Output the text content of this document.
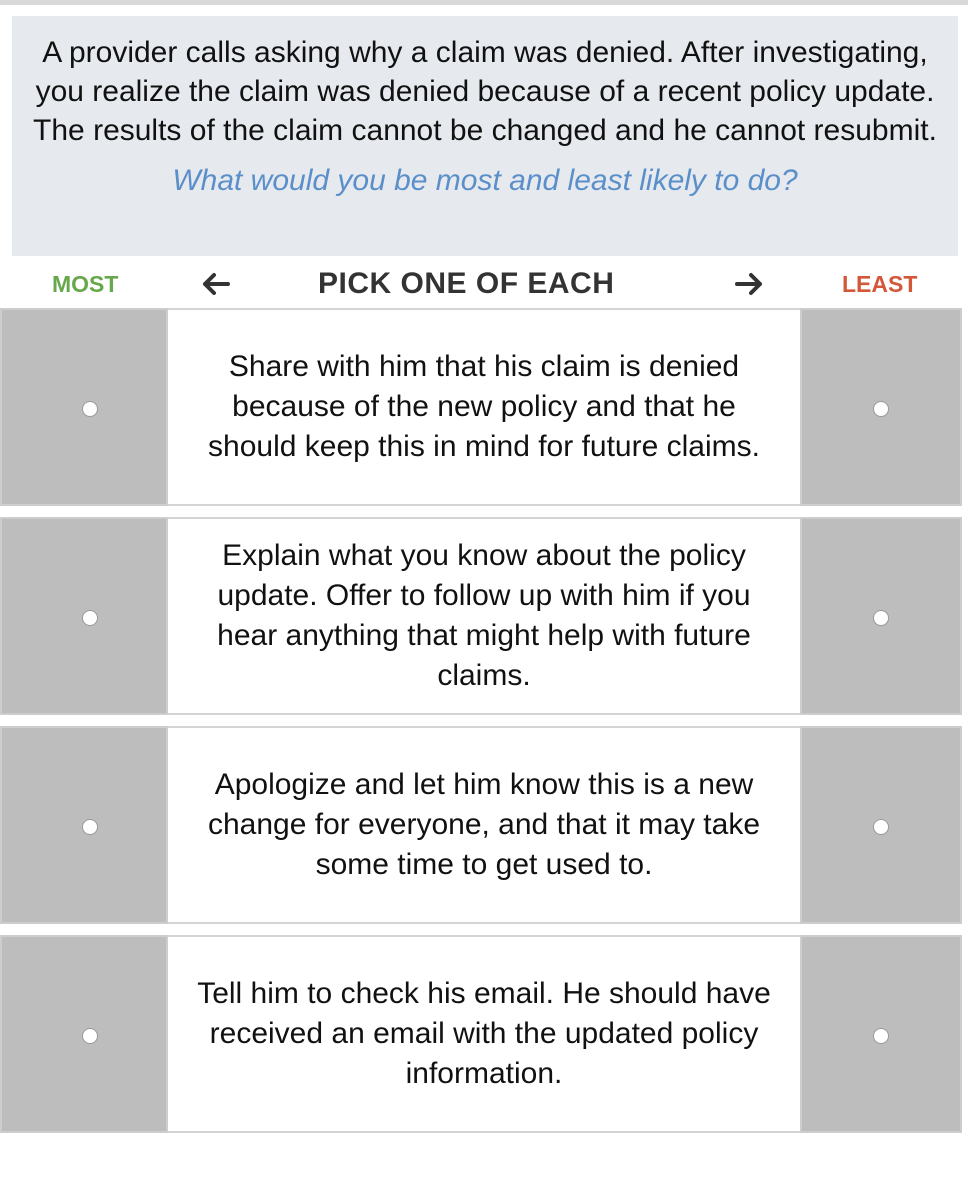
A provider calls asking why a claim was denied. After investigating, you realize the claim was denied because of a recent policy update. The results of the claim cannot be changed and he cannot resubmit.
What would you be most and least likely to do?
MOST	PICK ONE OF EACH	LEAST
Share with him that his claim is denied because of the new policy and that he should keep this in mind for future claims.
Explain what you know about the policy update. Offer to follow up with him if you hear anything that might help with future claims.
Apologize and let him know this is a new change for everyone, and that it may take some time to get used to.
Tell him to check his email. He should have received an email with the updated policy information.
